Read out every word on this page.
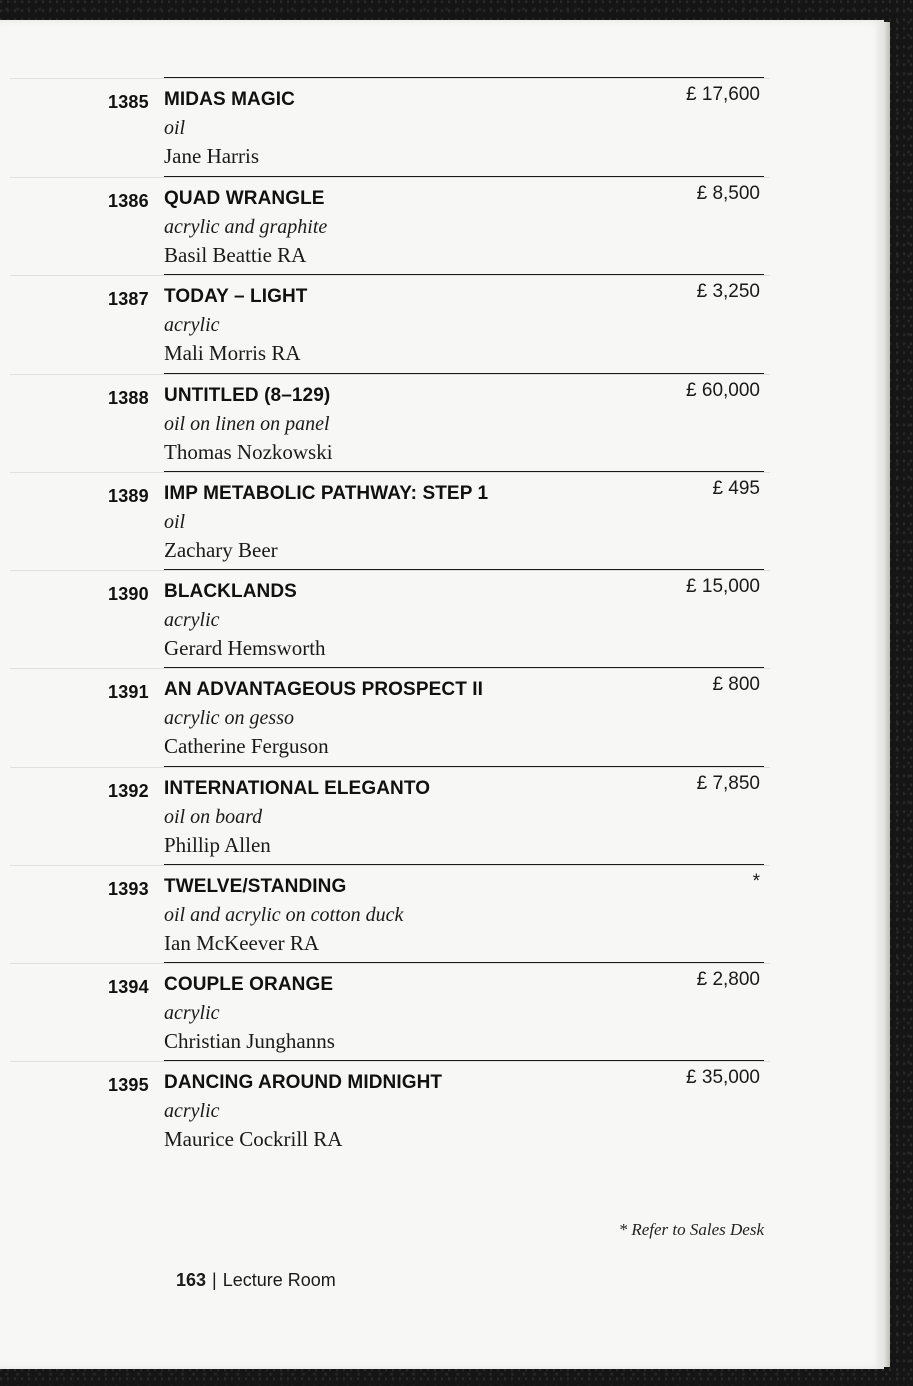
1385 MIDAS MAGIC
oil
Jane Harris
£ 17,600
1386 QUAD WRANGLE
acrylic and graphite
Basil Beattie RA
£ 8,500
1387 TODAY – LIGHT
acrylic
Mali Morris RA
£ 3,250
1388 UNTITLED (8–129)
oil on linen on panel
Thomas Nozkowski
£ 60,000
1389 IMP METABOLIC PATHWAY: STEP 1
oil
Zachary Beer
£ 495
1390 BLACKLANDS
acrylic
Gerard Hemsworth
£ 15,000
1391 AN ADVANTAGEOUS PROSPECT II
acrylic on gesso
Catherine Ferguson
£ 800
1392 INTERNATIONAL ELEGANTO
oil on board
Phillip Allen
£ 7,850
1393 TWELVE/STANDING
oil and acrylic on cotton duck
Ian McKeever RA
*
1394 COUPLE ORANGE
acrylic
Christian Junghanns
£ 2,800
1395 DANCING AROUND MIDNIGHT
acrylic
Maurice Cockrill RA
£ 35,000
* Refer to Sales Desk
163 | Lecture Room
